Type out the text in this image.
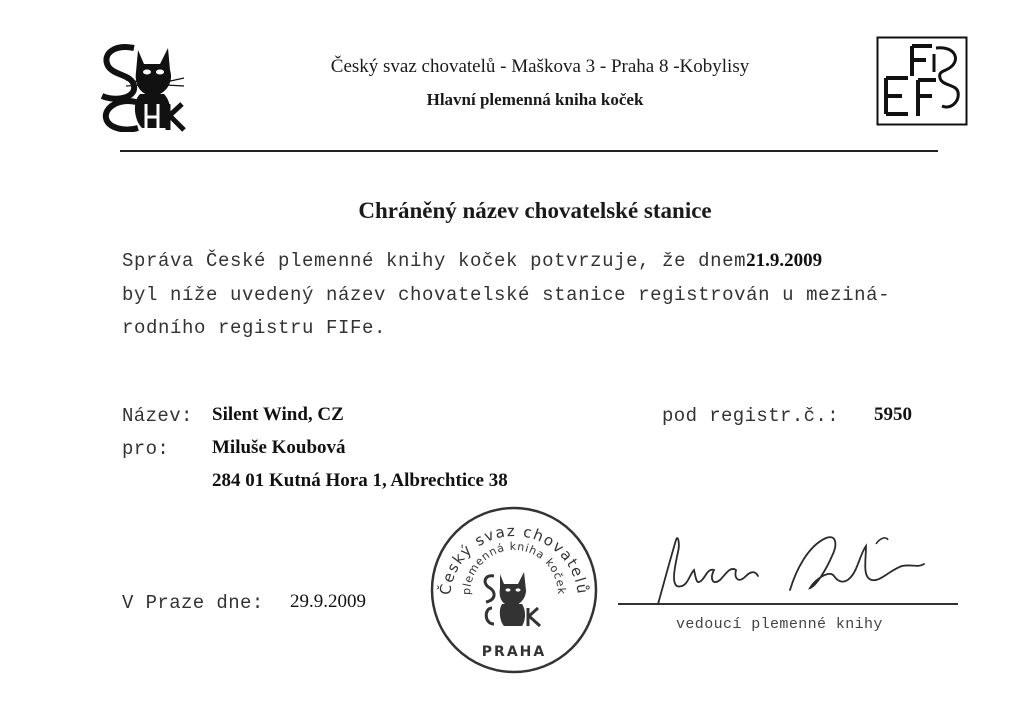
Český svaz chovatelů - Maškova 3 - Praha 8 -Kobylisy
Hlavní plemenná kniha koček
Chráněný název chovatelské stanice
Správa České plemenné knihy koček potvrzuje, že dnem21.9.2009
byl níže uvedený název chovatelské stanice registrován u meziná-
rodního registru FIFe.
Název: Silent Wind, CZ	pod registr.č.: 5950
pro: Miluše Koubová
284 01 Kutná Hora 1, Albrechtice 38
V Praze dne: 29.9.2009
Český svaz chovatelů
plemenná kniha koček
PRAHA
vedoucí plemenné knihy
